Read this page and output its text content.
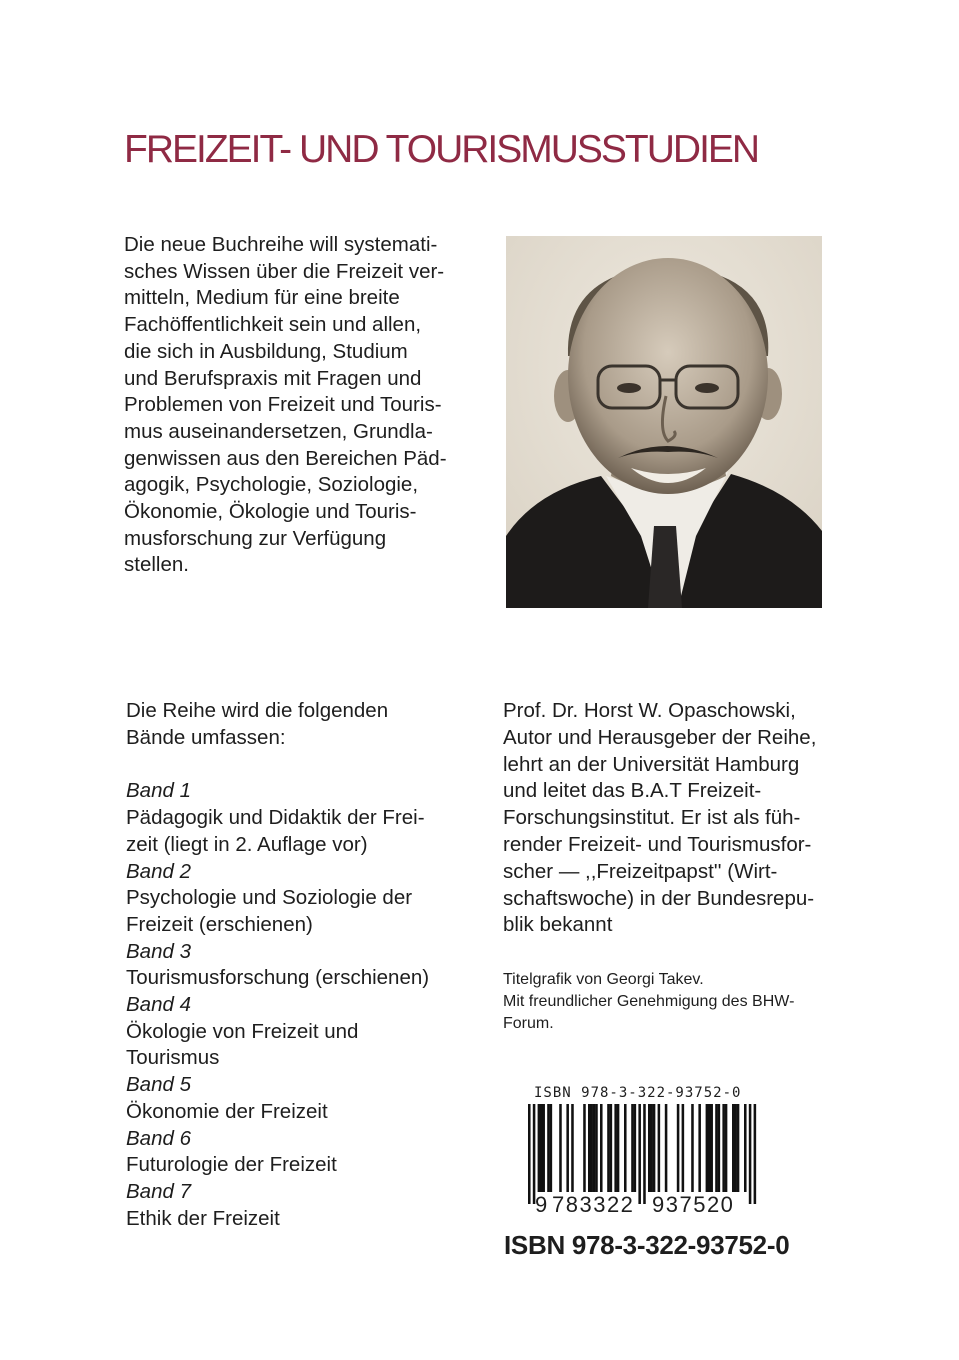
FREIZEIT- UND TOURISMUSSTUDIEN
Die neue Buchreihe will systemati-
sches Wissen über die Freizeit ver-
mitteln, Medium für eine breite
Fachöffentlichkeit sein und allen,
die sich in Ausbildung, Studium
und Berufspraxis mit Fragen und
Problemen von Freizeit und Touris-
mus auseinandersetzen, Grundla-
genwissen aus den Bereichen Päd-
agogik, Psychologie, Soziologie,
Ökonomie, Ökologie und Touris-
musforschung zur Verfügung
stellen.
Die Reihe wird die folgenden
Bände umfassen:
Band 1
Pädagogik und Didaktik der Frei-
zeit (liegt in 2. Auflage vor)
Band 2
Psychologie und Soziologie der
Freizeit (erschienen)
Band 3
Tourismusforschung (erschienen)
Band 4
Ökologie von Freizeit und
Tourismus
Band 5
Ökonomie der Freizeit
Band 6
Futurologie der Freizeit
Band 7
Ethik der Freizeit
Prof. Dr. Horst W. Opaschowski,
Autor und Herausgeber der Reihe,
lehrt an der Universität Hamburg
und leitet das B.A.T Freizeit-
Forschungsinstitut. Er ist als füh-
render Freizeit- und Tourismusfor-
scher — ,,Freizeitpapst'' (Wirt-
schaftswoche) in der Bundesrepu-
blik bekannt
Titelgrafik von Georgi Takev.
Mit freundlicher Genehmigung des BHW-
Forum.
ISBN 978-3-322-93752-0
9 783322 937520
ISBN 978-3-322-93752-0
